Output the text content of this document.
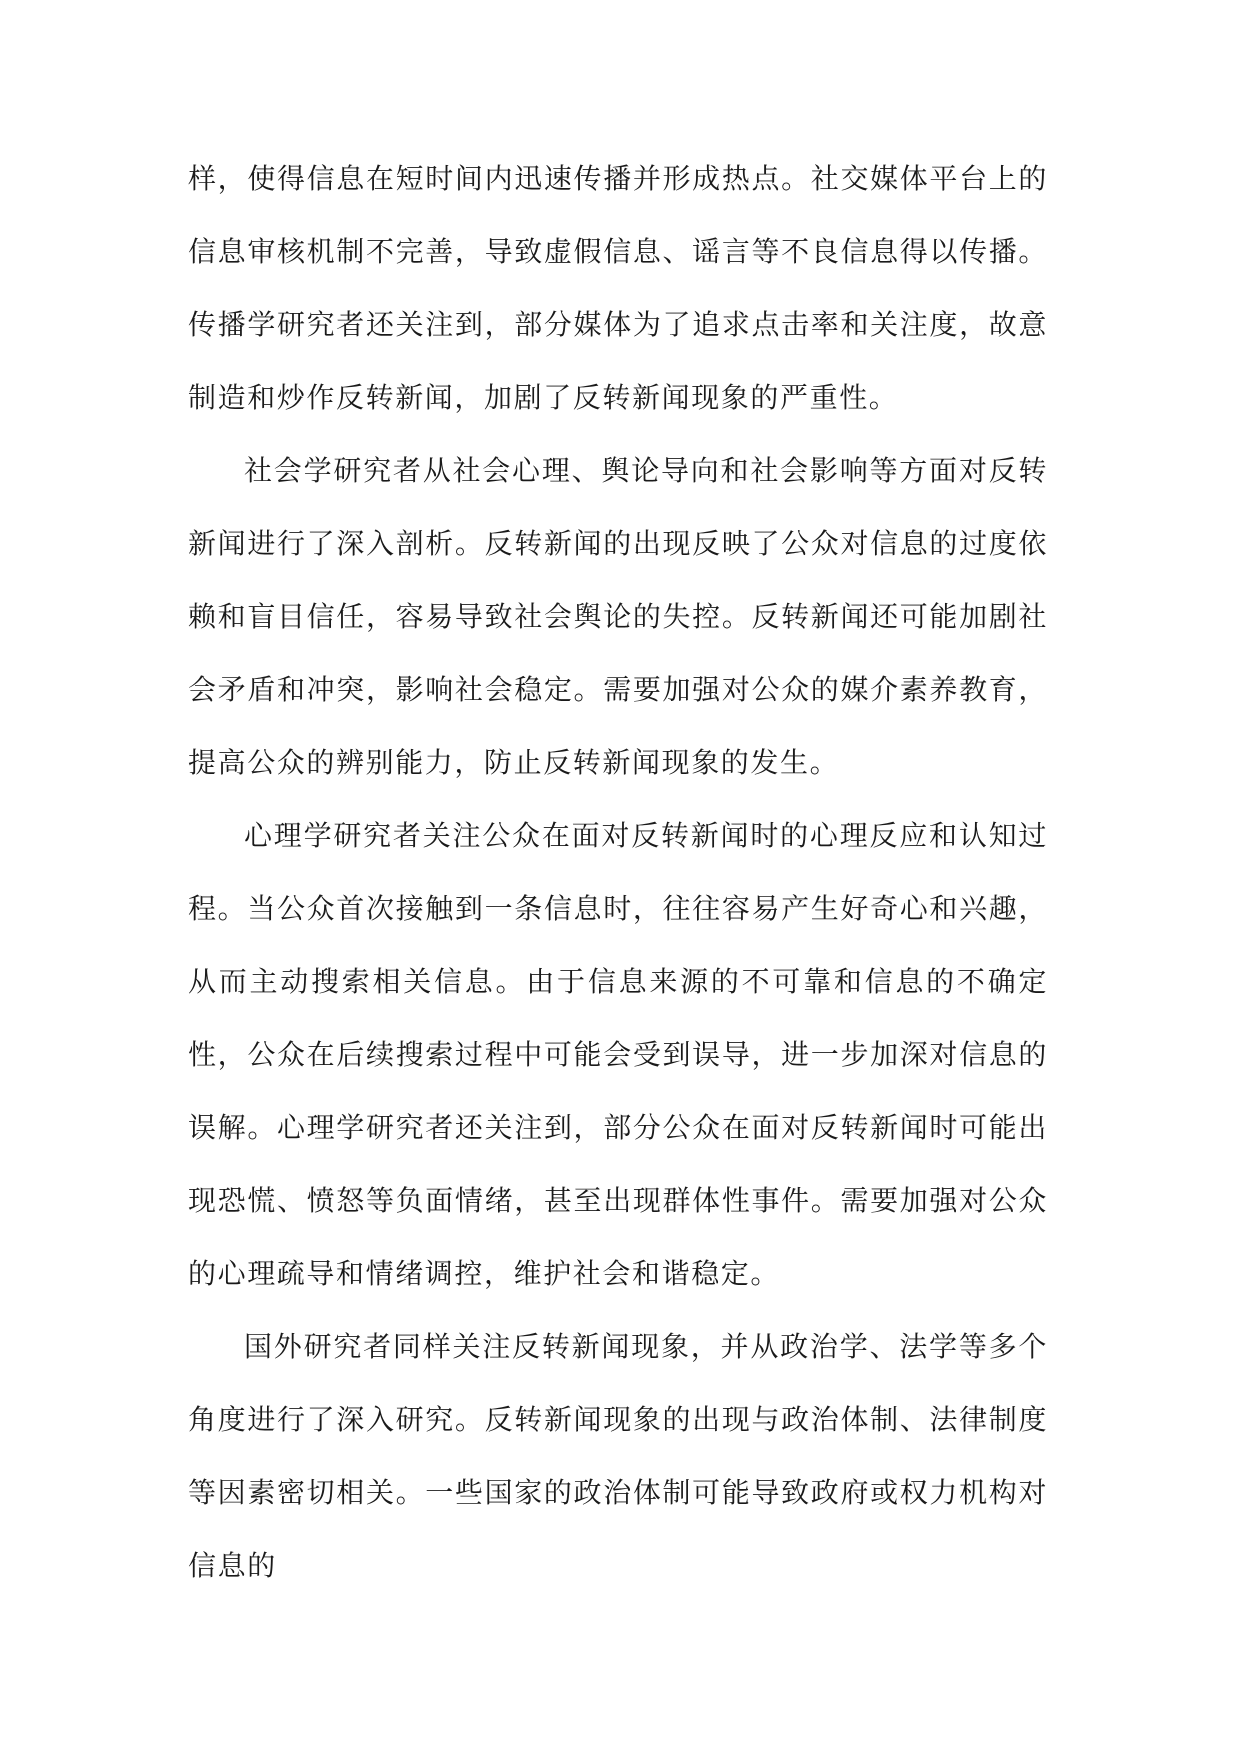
样，使得信息在短时间内迅速传播并形成热点。社交媒体平台上的信息审核机制不完善，导致虚假信息、谣言等不良信息得以传播。传播学研究者还关注到，部分媒体为了追求点击率和关注度，故意制造和炒作反转新闻，加剧了反转新闻现象的严重性。

社会学研究者从社会心理、舆论导向和社会影响等方面对反转新闻进行了深入剖析。反转新闻的出现反映了公众对信息的过度依赖和盲目信任，容易导致社会舆论的失控。反转新闻还可能加剧社会矛盾和冲突，影响社会稳定。需要加强对公众的媒介素养教育，提高公众的辨别能力，防止反转新闻现象的发生。

心理学研究者关注公众在面对反转新闻时的心理反应和认知过程。当公众首次接触到一条信息时，往往容易产生好奇心和兴趣，从而主动搜索相关信息。由于信息来源的不可靠和信息的不确定性，公众在后续搜索过程中可能会受到误导，进一步加深对信息的误解。心理学研究者还关注到，部分公众在面对反转新闻时可能出现恐慌、愤怒等负面情绪，甚至出现群体性事件。需要加强对公众的心理疏导和情绪调控，维护社会和谐稳定。

国外研究者同样关注反转新闻现象，并从政治学、法学等多个角度进行了深入研究。反转新闻现象的出现与政治体制、法律制度等因素密切相关。一些国家的政治体制可能导致政府或权力机构对信息的
